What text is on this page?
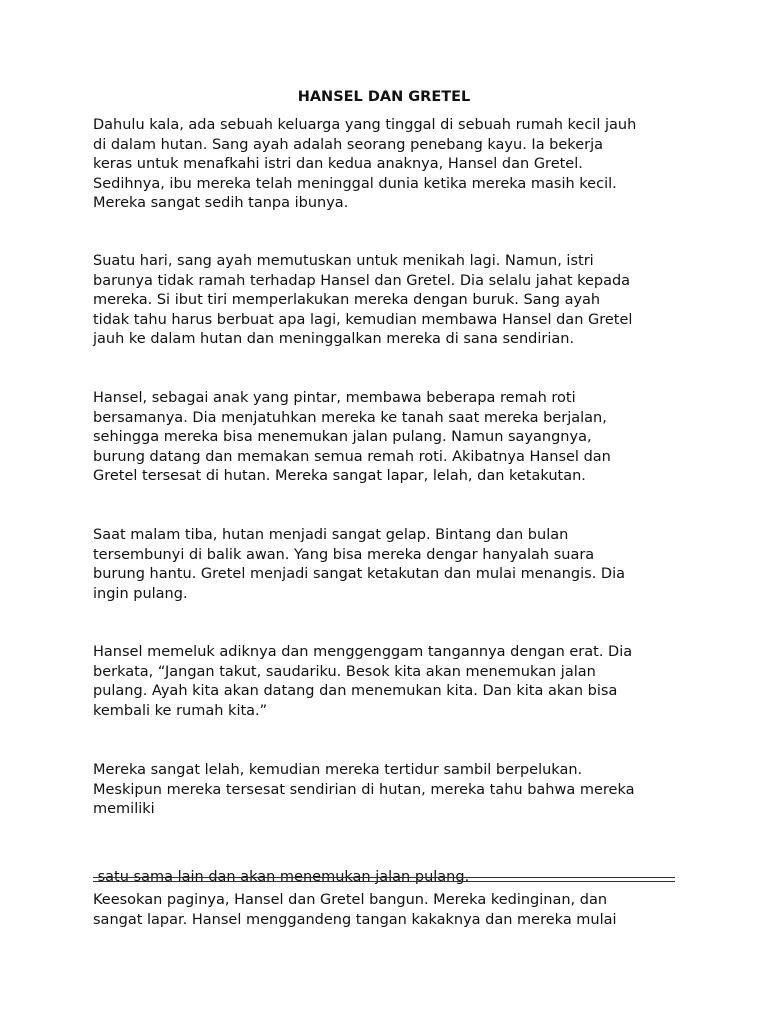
HANSEL DAN GRETEL

Dahulu kala, ada sebuah keluarga yang tinggal di sebuah rumah kecil jauh
di dalam hutan. Sang ayah adalah seorang penebang kayu. Ia bekerja
keras untuk menafkahi istri dan kedua anaknya, Hansel dan Gretel.
Sedihnya, ibu mereka telah meninggal dunia ketika mereka masih kecil.
Mereka sangat sedih tanpa ibunya.

Suatu hari, sang ayah memutuskan untuk menikah lagi. Namun, istri
barunya tidak ramah terhadap Hansel dan Gretel. Dia selalu jahat kepada
mereka. Si ibut tiri memperlakukan mereka dengan buruk. Sang ayah
tidak tahu harus berbuat apa lagi, kemudian membawa Hansel dan Gretel
jauh ke dalam hutan dan meninggalkan mereka di sana sendirian.

Hansel, sebagai anak yang pintar, membawa beberapa remah roti
bersamanya. Dia menjatuhkan mereka ke tanah saat mereka berjalan,
sehingga mereka bisa menemukan jalan pulang. Namun sayangnya,
burung datang dan memakan semua remah roti. Akibatnya Hansel dan
Gretel tersesat di hutan. Mereka sangat lapar, lelah, dan ketakutan.

Saat malam tiba, hutan menjadi sangat gelap. Bintang dan bulan
tersembunyi di balik awan. Yang bisa mereka dengar hanyalah suara
burung hantu. Gretel menjadi sangat ketakutan dan mulai menangis. Dia
ingin pulang.

Hansel memeluk adiknya dan menggenggam tangannya dengan erat. Dia
berkata, “Jangan takut, saudariku. Besok kita akan menemukan jalan
pulang. Ayah kita akan datang dan menemukan kita. Dan kita akan bisa
kembali ke rumah kita.”

Mereka sangat lelah, kemudian mereka tertidur sambil berpelukan.
Meskipun mereka tersesat sendirian di hutan, mereka tahu bahwa mereka
memiliki

satu sama lain dan akan menemukan jalan pulang.

Keesokan paginya, Hansel dan Gretel bangun. Mereka kedinginan, dan
sangat lapar. Hansel menggandeng tangan kakaknya dan mereka mulai
